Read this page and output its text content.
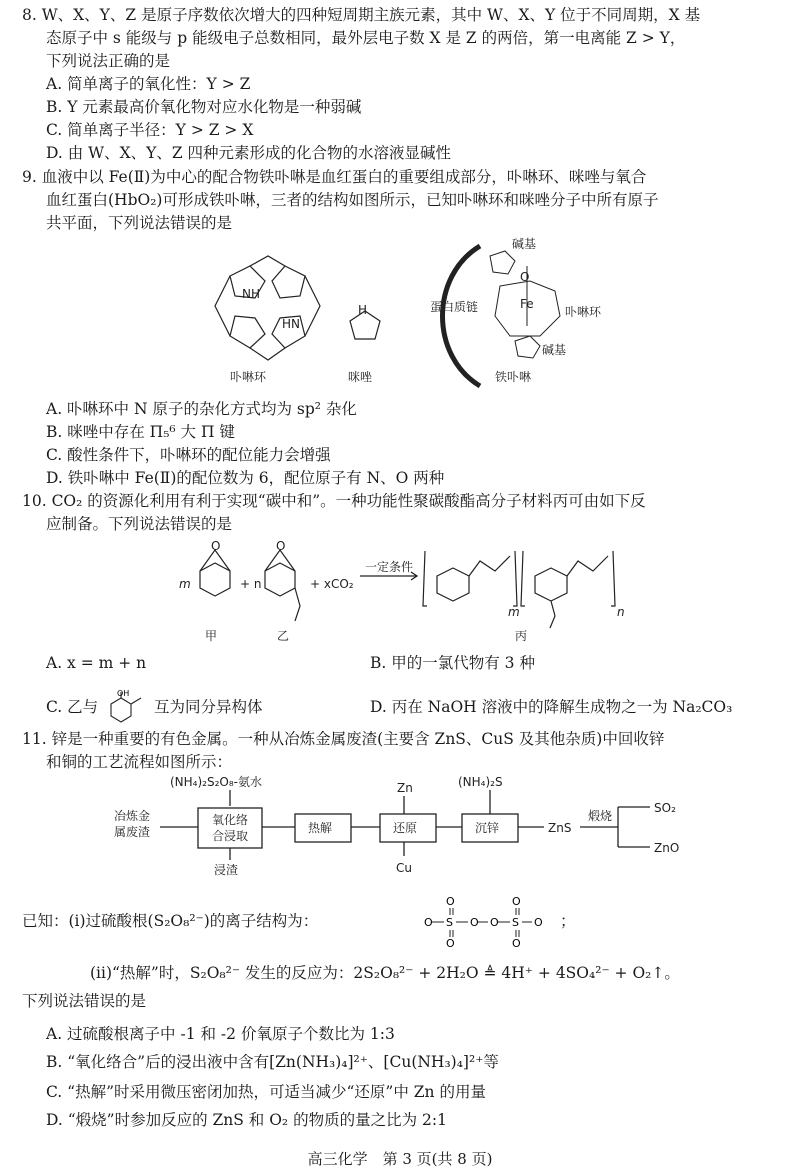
8. W、X、Y、Z 是原子序数依次增大的四种短周期主族元素，其中 W、X、Y 位于不同周期，X 基
态原子中 s 能级与 p 能级电子总数相同，最外层电子数 X 是 Z 的两倍，第一电离能 Z > Y，
下列说法正确的是
A. 简单离子的氧化性：Y > Z
B. Y 元素最高价氧化物对应水化物是一种弱碱
C. 简单离子半径：Y > Z > X
D. 由 W、X、Y、Z 四种元素形成的化合物的水溶液显碱性
9. 血液中以 Fe(Ⅱ)为中心的配合物铁卟啉是血红蛋白的重要组成部分，卟啉环、咪唑与氧合
血红蛋白(HbO₂)可形成铁卟啉，三者的结构如图所示，已知卟啉环和咪唑分子中所有原子
共平面，下列说法错误的是
NH
HN
卟啉环
H
咪唑
Fe
O
蛋白质链	卟啉环
碱基
碱基
铁卟啉
A. 卟啉环中 N 原子的杂化方式均为 sp² 杂化
B. 咪唑中存在 Π₅⁶ 大 Π 键
C. 酸性条件下，卟啉环的配位能力会增强
D. 铁卟啉中 Fe(Ⅱ)的配位数为 6，配位原子有 N、O 两种
10. CO₂ 的资源化利用有利于实现“碳中和”。一种功能性聚碳酸酯高分子材料丙可由如下反
应制备。下列说法错误的是
m
O
+ n
O
+ xCO₂
一定条件
m	n
甲	乙	丙
A. x = m + n	B. 甲的一氯代物有 3 种
C. 乙与
OH
互为同分异构体	D. 丙在 NaOH 溶液中的降解生成物之一为 Na₂CO₃
11. 锌是一种重要的有色金属。一种从冶炼金属废渣(主要含 ZnS、CuS 及其他杂质)中回收锌
和铜的工艺流程如图所示：
(NH₄)₂S₂O₈-氨水
冶炼金
属废渣
氧化络
合浸取
浸渣
热解
Zn
还原
Cu
(NH₄)₂S
沉锌	ZnS
煅烧
SO₂
ZnO
已知：(ⅰ)过硫酸根(S₂O₈²⁻)的离子结构为：	O S
O
O
O O S
O
O
O ；
(ⅱ)“热解”时，S₂O₈²⁻ 发生的反应为：2S₂O₈²⁻ + 2H₂O ≜ 4H⁺ + 4SO₄²⁻ + O₂↑。
下列说法错误的是
A. 过硫酸根离子中 -1 和 -2 价氧原子个数比为 1:3
B. “氧化络合”后的浸出液中含有[Zn(NH₃)₄]²⁺、[Cu(NH₃)₄]²⁺等
C. “热解”时采用微压密闭加热，可适当减少“还原”中 Zn 的用量
D. “煅烧”时参加反应的 ZnS 和 O₂ 的物质的量之比为 2:1
高三化学　第 3 页(共 8 页)
